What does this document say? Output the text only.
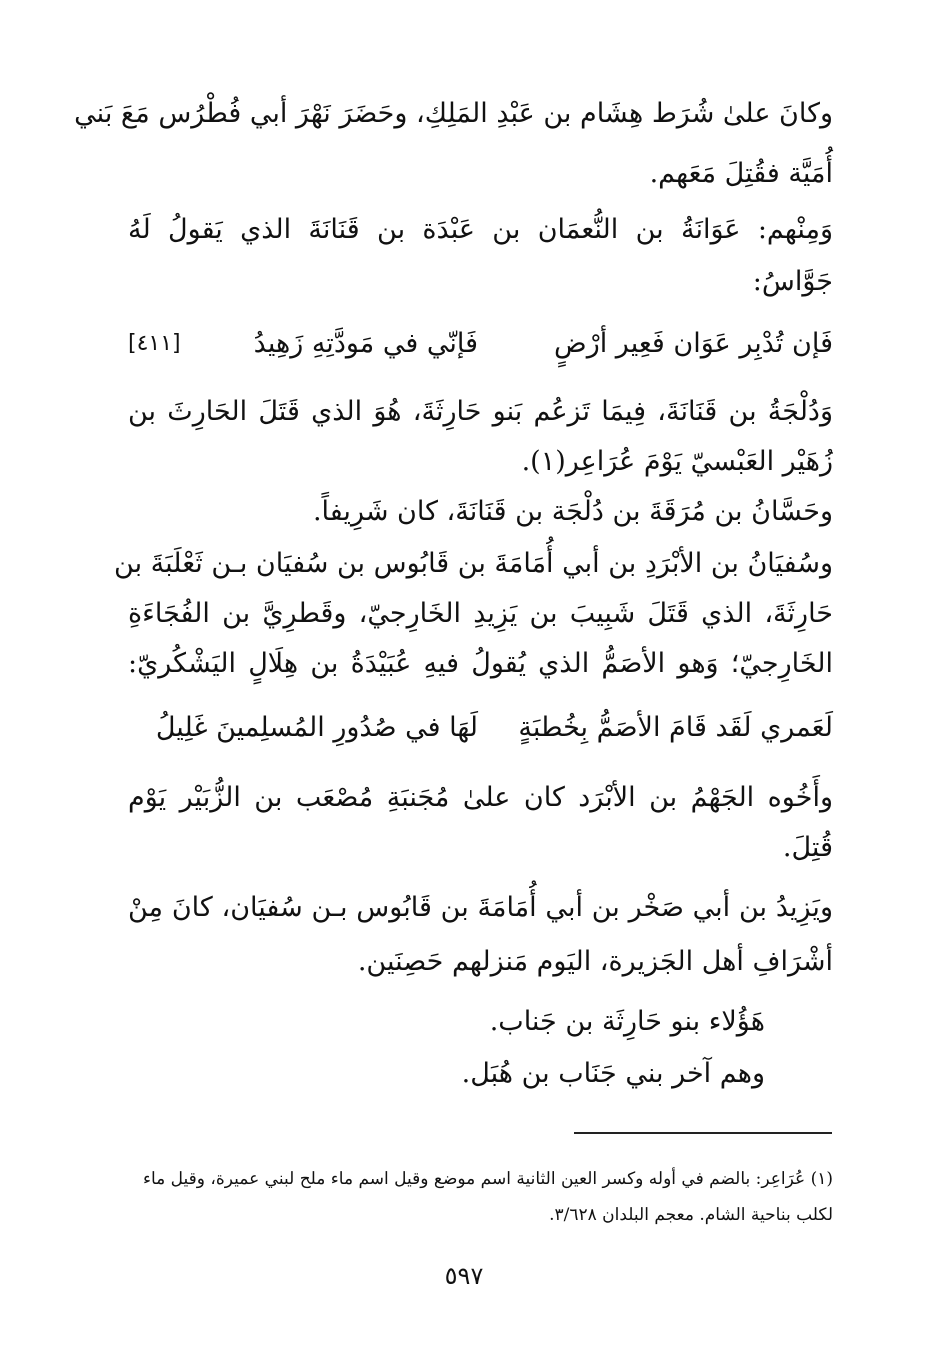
وكانَ علىٰ شُرَط هِشَام بن عَبْدِ المَلِكِ، وحَضَرَ نَهْرَ أبي فُطْرُس مَعَ بَني
أُمَيَّة فقُتِلَ مَعَهم.
وَمِنْهم: عَوَانَةُ بن النُّعمَان بن عَبْدَة بن قَنَانَةَ الذي يَقولُ لَهُ
جَوَّاسُ:
وَدُلْجَةُ بن قَنَانَةَ، فِيمَا تَزعُم بَنو حَارِثَةَ، هُوَ الذي قَتَلَ الحَارِثَ بن
زُهَيْر العَبْسيّ يَوْمَ عُرَاعِر(١).
وحَسَّانُ بن مُرَقَةَ بن دُلْجَة بن قَنَانَةَ، كان شَرِيفاً.
وسُفيَانُ بن الأبْرَدِ بن أبي أُمَامَةَ بن قَابُوس بن سُفيَان بـن ثَعْلَبَةَ بن
حَارِثَةَ، الذي قَتَلَ شَبِيبَ بن يَزِيدِ الخَارِجيّ، وقَطرِيَّ بن الفُجَاءَةِ
الخَارِجيّ؛ وَهو الأصَمُّ الذي يُقولُ فيهِ عُبَيْدَةُ بن هِلَالٍ اليَشْكُريّ:
وأَخُوه الجَهْمُ بن الأبْرَد كان علىٰ مُجَنبَةِ مُصْعَب بن الزُّبَيْر يَوْم
قُتِلَ.
ويَزِيدُ بن أبي صَخْر بن أبي أُمَامَةَ بن قَابُوس بـن سُفيَان، كانَ مِنْ
أشْرَافِ أهل الجَزيرة، اليَوم مَنزلهم حَصِنَين.
هَؤُلاء بنو حَارِثَة بن جَناب.
وهم آخر بني جَنَاب بن هُبَل.
فَإن تُدْبِر عَوَان فَعِير أرْضٍ
فَإنّي في مَودَّتِهِ زَهِيدُ
[٤١١]
لَعَمري لَقَد قَامَ الأصَمُّ بِخُطبَةٍ
لَهَا في صُدُورِ المُسلِمينَ غَلِيلُ
(١) عُرَاعِر: بالضم في أوله وكسر العين الثانية اسم موضع وقيل اسم ماء ملح لبني عميرة، وقيل ماء
لكلب بناحية الشام. معجم البلدان ٣/٦٢٨.
٥٩٧
